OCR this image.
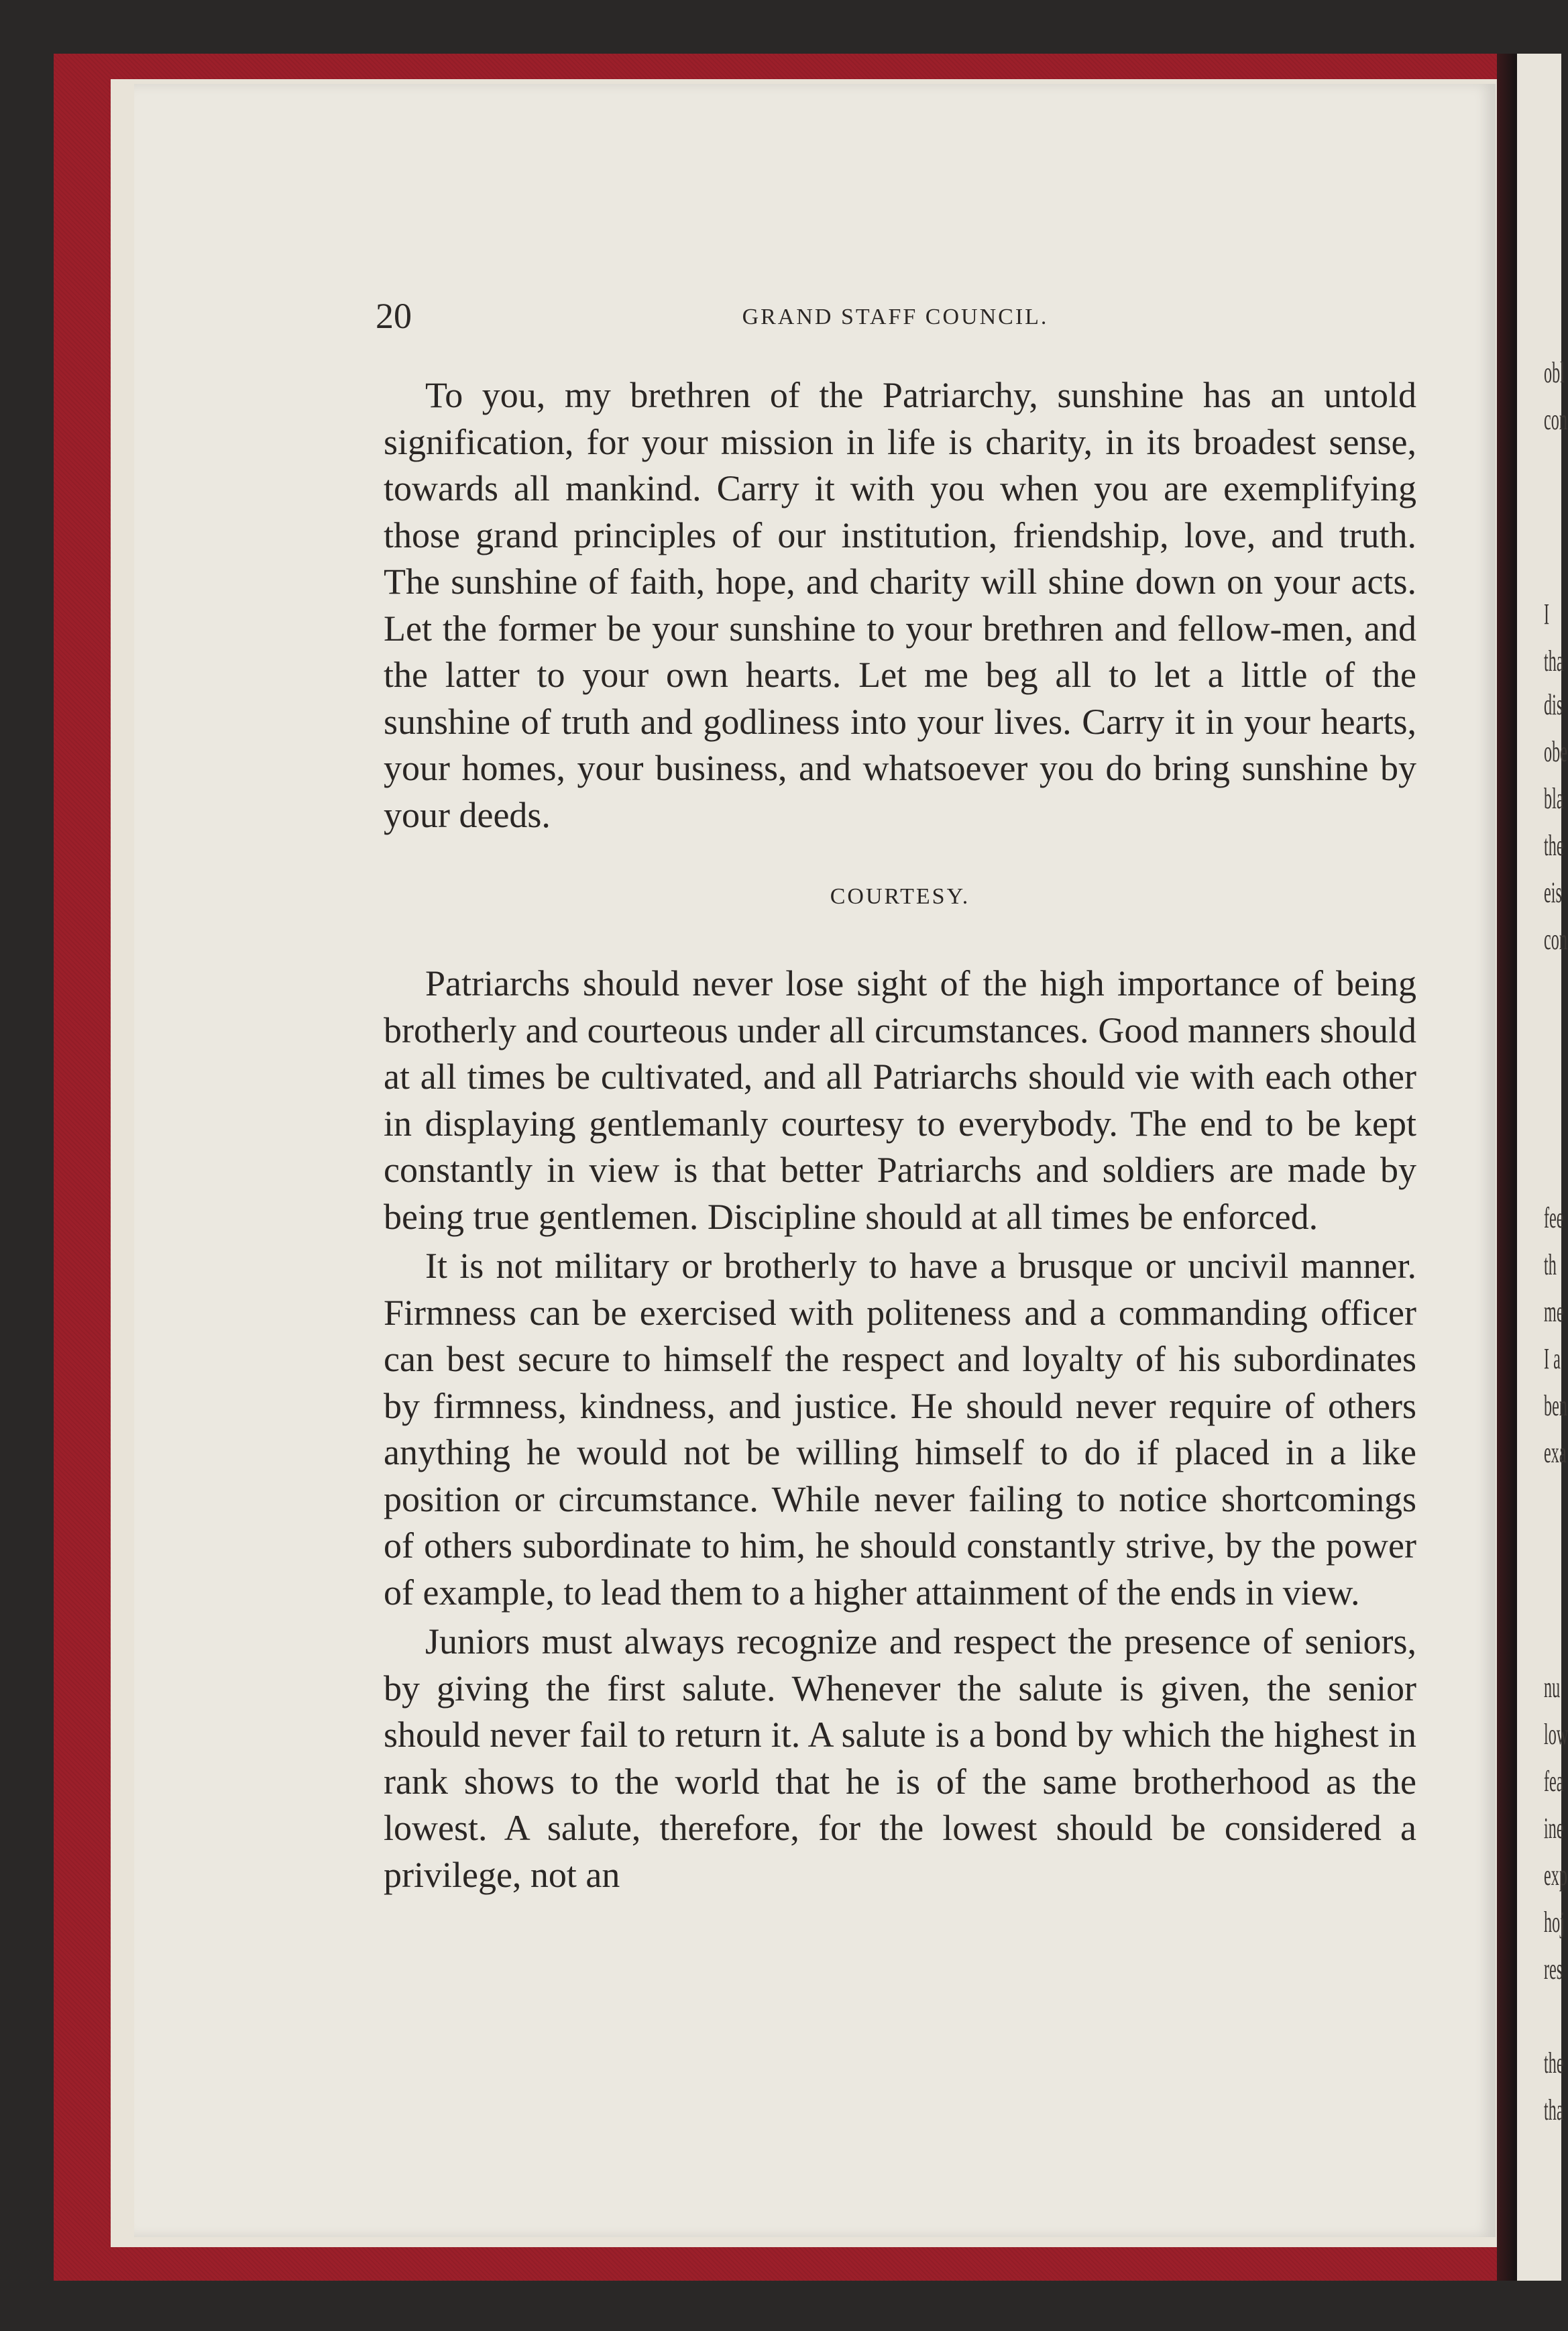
obl
con
I
tha
dis
obe
bla
the
eis
con
fee
th
me
I a
ben
exa
nu
low
fea
ine
exp
hoj
res
the
tha
20	GRAND STAFF COUNCIL.

To you, my brethren of the Patriarchy, sunshine has an untold signification, for your mission in life is charity, in its broadest sense, towards all mankind. Carry it with you when you are exemplifying those grand principles of our institution, friendship, love, and truth. The sunshine of faith, hope, and charity will shine down on your acts. Let the former be your sunshine to your brethren and fellow-men, and the latter to your own hearts. Let me beg all to let a little of the sunshine of truth and godliness into your lives. Carry it in your hearts, your homes, your business, and whatsoever you do bring sunshine by your deeds.

COURTESY.

Patriarchs should never lose sight of the high importance of being brotherly and courteous under all circumstances. Good manners should at all times be cultivated, and all Patriarchs should vie with each other in displaying gentlemanly courtesy to everybody. The end to be kept constantly in view is that better Patriarchs and soldiers are made by being true gentlemen. Discipline should at all times be enforced.

It is not military or brotherly to have a brusque or uncivil manner. Firmness can be exercised with politeness and a commanding officer can best secure to himself the respect and loyalty of his subordinates by firmness, kindness, and justice. He should never require of others anything he would not be willing himself to do if placed in a like position or circumstance. While never failing to notice shortcomings of others subordinate to him, he should constantly strive, by the power of example, to lead them to a higher attainment of the ends in view.

Juniors must always recognize and respect the presence of seniors, by giving the first salute. Whenever the salute is given, the senior should never fail to return it. A salute is a bond by which the highest in rank shows to the world that he is of the same brotherhood as the lowest. A salute, therefore, for the lowest should be considered a privilege, not an
